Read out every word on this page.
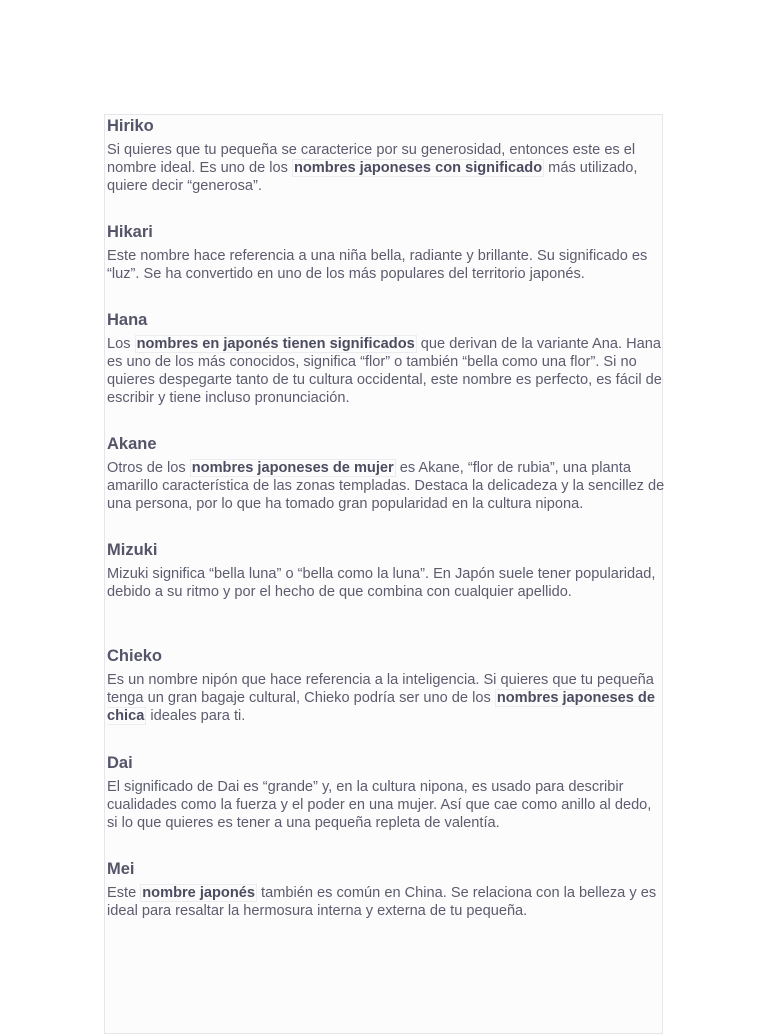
Hiriko

Si quieres que tu pequeña se caracterice por su generosidad, entonces este es el nombre ideal. Es uno de los nombres japoneses con significado más utilizado, quiere decir “generosa”.

Hikari

Este nombre hace referencia a una niña bella, radiante y brillante. Su significado es “luz”. Se ha convertido en uno de los más populares del territorio japonés.

Hana

Los nombres en japonés tienen significados que derivan de la variante Ana. Hana es uno de los más conocidos, significa “flor” o también “bella como una flor”. Si no quieres despegarte tanto de tu cultura occidental, este nombre es perfecto, es fácil de escribir y tiene incluso pronunciación.

Akane

Otros de los nombres japoneses de mujer es Akane, “flor de rubia”, una planta amarillo característica de las zonas templadas. Destaca la delicadeza y la sencillez de una persona, por lo que ha tomado gran popularidad en la cultura nipona.

Mizuki

Mizuki significa “bella luna” o “bella como la luna”. En Japón suele tener popularidad, debido a su ritmo y por el hecho de que combina con cualquier apellido.

Chieko

Es un nombre nipón que hace referencia a la inteligencia. Si quieres que tu pequeña tenga un gran bagaje cultural, Chieko podría ser uno de los nombres japoneses de chica ideales para ti.

Dai

El significado de Dai es “grande” y, en la cultura nipona, es usado para describir cualidades como la fuerza y el poder en una mujer. Así que cae como anillo al dedo, si lo que quieres es tener a una pequeña repleta de valentía.

Mei

Este nombre japonés también es común en China. Se relaciona con la belleza y es ideal para resaltar la hermosura interna y externa de tu pequeña.
